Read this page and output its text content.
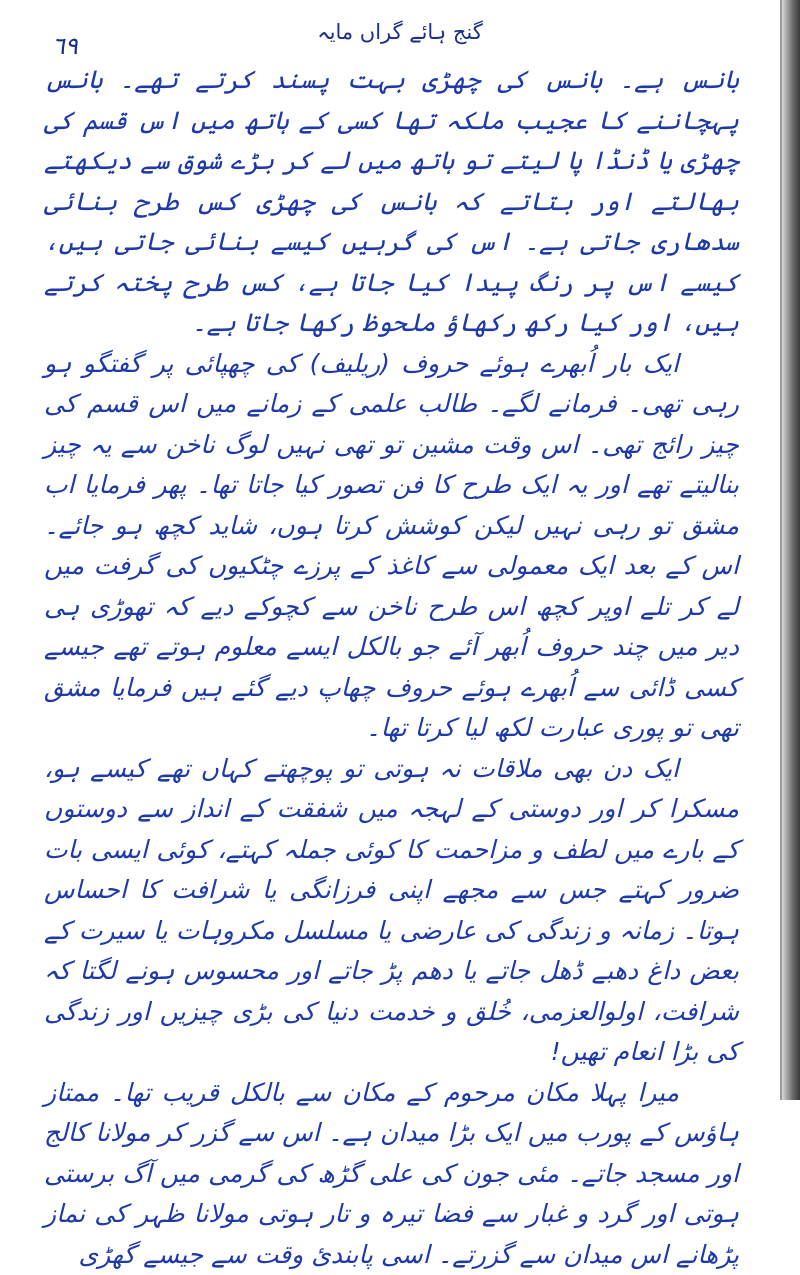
٦٩	گنج ہائے گراں مایہ

بانس ہے۔ بانس کی چھڑی بہت پسند کرتے تھے۔ بانس پہچاننے کا عجیب ملکہ تھا کسی کے ہاتھ میں اس قسم کی چھڑی یا ڈنڈا پا لیتے تو ہاتھ میں لے کر بڑے شوق سے دیکھتے بھالتے اور بتاتے کہ بانس کی چھڑی کس طرح بنائی سدھاری جاتی ہے۔ اس کی گرہیں کیسے بنائی جاتی ہیں، کیسے اس پر رنگ پیدا کیا جاتا ہے، کس طرح پختہ کرتے ہیں، اور کیا رکھ رکھاؤ ملحوظ رکھا جاتا ہے۔

ایک بار اُبھرے ہوئے حروف (ریلیف) کی چھپائی پر گفتگو ہو رہی تھی۔ فرمانے لگے۔ طالب علمی کے زمانے میں اس قسم کی چیز رائج تھی۔ اس وقت مشین تو تھی نہیں لوگ ناخن سے یہ چیز بنالیتے تھے اور یہ ایک طرح کا فن تصور کیا جاتا تھا۔ پھر فرمایا اب مشق تو رہی نہیں لیکن کوشش کرتا ہوں، شاید کچھ ہو جائے۔ اس کے بعد ایک معمولی سے کاغذ کے پرزے چٹکیوں کی گرفت میں لے کر تلے اوپر کچھ اس طرح ناخن سے کچوکے دیے کہ تھوڑی ہی دیر میں چند حروف اُبھر آئے جو بالکل ایسے معلوم ہوتے تھے جیسے کسی ڈائی سے اُبھرے ہوئے حروف چھاپ دیے گئے ہیں فرمایا مشق تھی تو پوری عبارت لکھ لیا کرتا تھا۔

ایک دن بھی ملاقات نہ ہوتی تو پوچھتے کہاں تھے کیسے ہو، مسکرا کر اور دوستی کے لہجہ میں شفقت کے انداز سے دوستوں کے بارے میں لطف و مزاحمت کا کوئی جملہ کہتے، کوئی ایسی بات ضرور کہتے جس سے مجھے اپنی فرزانگی یا شرافت کا احساس ہوتا۔ زمانہ و زندگی کی عارضی یا مسلسل مکروہات یا سیرت کے بعض داغ دھبے ڈھل جاتے یا دھم پڑ جاتے اور محسوس ہونے لگتا کہ شرافت، اولوالعزمی، خُلق و خدمت دنیا کی بڑی چیزیں اور زندگی کی بڑا انعام تھیں!

میرا پہلا مکان مرحوم کے مکان سے بالکل قریب تھا۔ ممتاز ہاؤس کے پورب میں ایک بڑا میدان ہے۔ اس سے گزر کر مولانا کالج اور مسجد جاتے۔ مئی جون کی علی گڑھ کی گرمی میں آگ برستی ہوتی اور گرد و غبار سے فضا تیرہ و تار ہوتی مولانا ظہر کی نماز پڑھانے اس میدان سے گزرتے۔ اسی پابندیٔ وقت سے جیسے گھڑی
